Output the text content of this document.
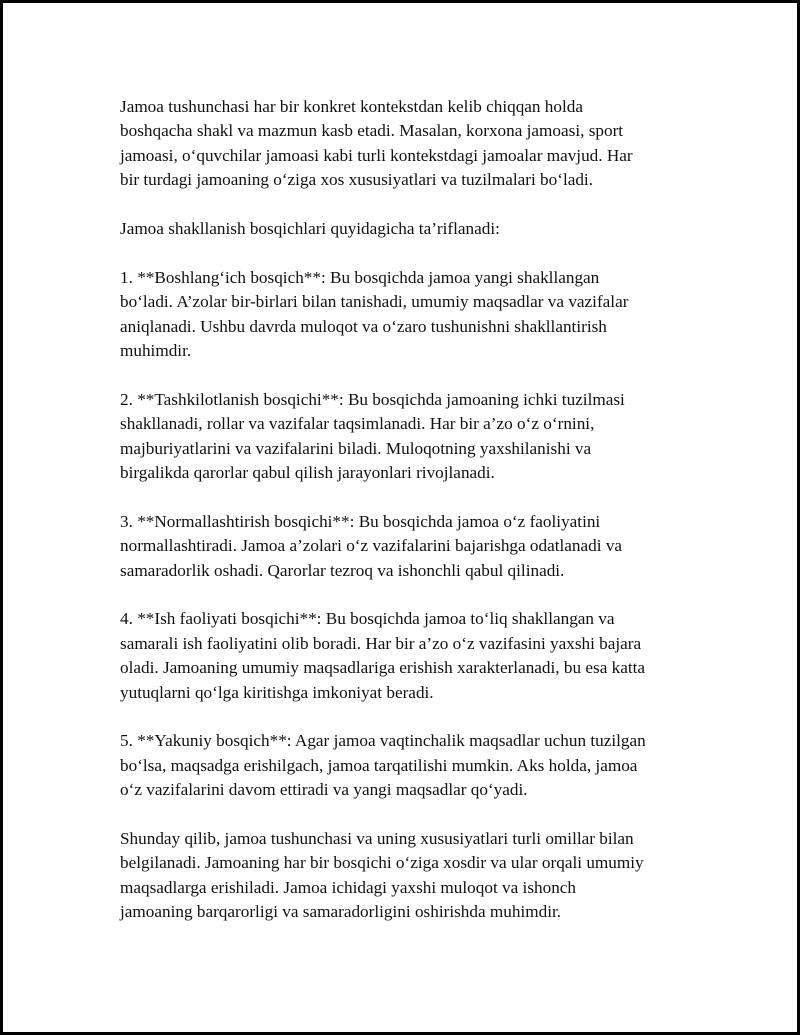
Jamoa tushunchasi har bir konkret kontekstdan kelib chiqqan holda
boshqacha shakl va mazmun kasb etadi. Masalan, korxona jamoasi, sport
jamoasi, o‘quvchilar jamoasi kabi turli kontekstdagi jamoalar mavjud. Har
bir turdagi jamoaning o‘ziga xos xususiyatlari va tuzilmalari bo‘ladi.

Jamoa shakllanish bosqichlari quyidagicha ta’riflanadi:

1. **Boshlang‘ich bosqich**: Bu bosqichda jamoa yangi shakllangan
bo‘ladi. A’zolar bir-birlari bilan tanishadi, umumiy maqsadlar va vazifalar
aniqlanadi. Ushbu davrda muloqot va o‘zaro tushunishni shakllantirish
muhimdir.

2. **Tashkilotlanish bosqichi**: Bu bosqichda jamoaning ichki tuzilmasi
shakllanadi, rollar va vazifalar taqsimlanadi. Har bir a’zo o‘z o‘rnini,
majburiyatlarini va vazifalarini biladi. Muloqotning yaxshilanishi va
birgalikda qarorlar qabul qilish jarayonlari rivojlanadi.

3. **Normallashtirish bosqichi**: Bu bosqichda jamoa o‘z faoliyatini
normallashtiradi. Jamoa a’zolari o‘z vazifalarini bajarishga odatlanadi va
samaradorlik oshadi. Qarorlar tezroq va ishonchli qabul qilinadi.

4. **Ish faoliyati bosqichi**: Bu bosqichda jamoa to‘liq shakllangan va
samarali ish faoliyatini olib boradi. Har bir a’zo o‘z vazifasini yaxshi bajara
oladi. Jamoaning umumiy maqsadlariga erishish xarakterlanadi, bu esa katta
yutuqlarni qo‘lga kiritishga imkoniyat beradi.

5. **Yakuniy bosqich**: Agar jamoa vaqtinchalik maqsadlar uchun tuzilgan
bo‘lsa, maqsadga erishilgach, jamoa tarqatilishi mumkin. Aks holda, jamoa
o‘z vazifalarini davom ettiradi va yangi maqsadlar qo‘yadi.

Shunday qilib, jamoa tushunchasi va uning xususiyatlari turli omillar bilan
belgilanadi. Jamoaning har bir bosqichi o‘ziga xosdir va ular orqali umumiy
maqsadlarga erishiladi. Jamoa ichidagi yaxshi muloqot va ishonch
jamoaning barqarorligi va samaradorligini oshirishda muhimdir.
